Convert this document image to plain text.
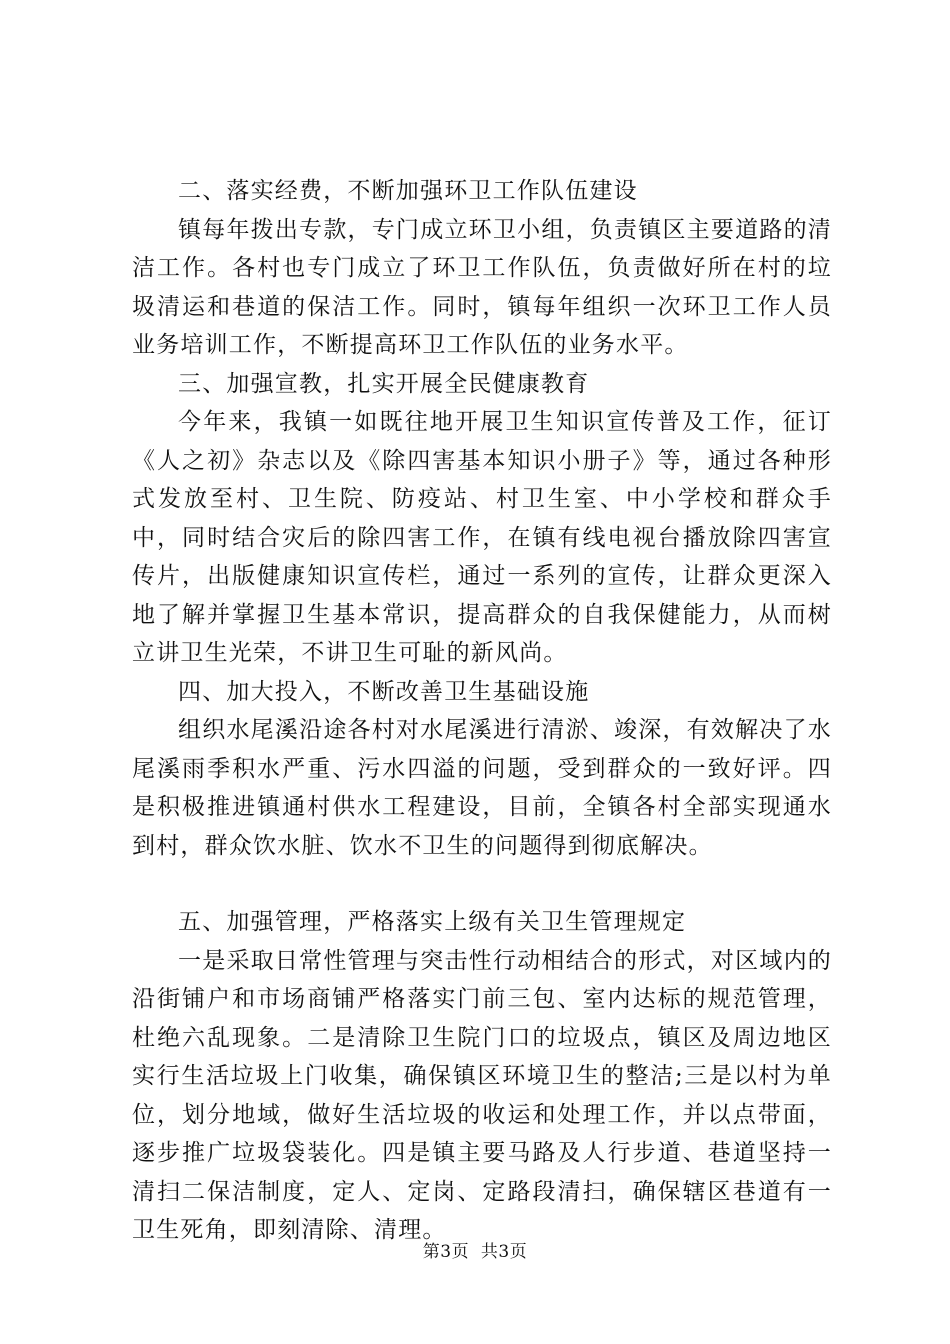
二、落实经费，不断加强环卫工作队伍建设

镇每年拨出专款，专门成立环卫小组，负责镇区主要道路的清洁工作。各村也专门成立了环卫工作队伍，负责做好所在村的垃圾清运和巷道的保洁工作。同时，镇每年组织一次环卫工作人员业务培训工作，不断提高环卫工作队伍的业务水平。

三、加强宣教，扎实开展全民健康教育

今年来，我镇一如既往地开展卫生知识宣传普及工作，征订《人之初》杂志以及《除四害基本知识小册子》等，通过各种形式发放至村、卫生院、防疫站、村卫生室、中小学校和群众手中，同时结合灾后的除四害工作，在镇有线电视台播放除四害宣传片，出版健康知识宣传栏，通过一系列的宣传，让群众更深入地了解并掌握卫生基本常识，提高群众的自我保健能力，从而树立讲卫生光荣，不讲卫生可耻的新风尚。

四、加大投入，不断改善卫生基础设施

组织水尾溪沿途各村对水尾溪进行清淤、竣深，有效解决了水尾溪雨季积水严重、污水四溢的问题，受到群众的一致好评。四是积极推进镇通村供水工程建设，目前，全镇各村全部实现通水到村，群众饮水脏、饮水不卫生的问题得到彻底解决。

五、加强管理，严格落实上级有关卫生管理规定

一是采取日常性管理与突击性行动相结合的形式，对区域内的沿街铺户和市场商铺严格落实门前三包、室内达标的规范管理，杜绝六乱现象。二是清除卫生院门口的垃圾点，镇区及周边地区实行生活垃圾上门收集，确保镇区环境卫生的整洁;三是以村为单位，划分地域，做好生活垃圾的收运和处理工作，并以点带面，逐步推广垃圾袋装化。四是镇主要马路及人行步道、巷道坚持一清扫二保洁制度，定人、定岗、定路段清扫，确保辖区巷道有一卫生死角，即刻清除、清理。

第3页 共3页
